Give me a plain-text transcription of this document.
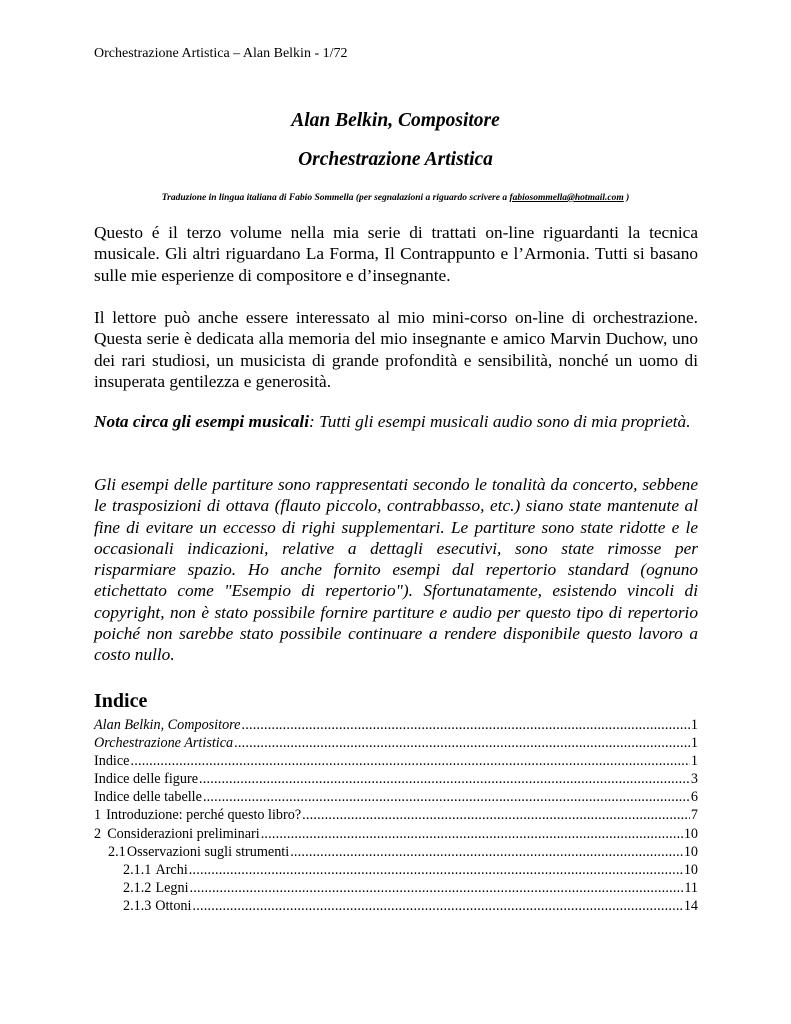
Orchestrazione Artistica – Alan Belkin - 1/72
Alan Belkin, Compositore
Orchestrazione Artistica
Traduzione in lingua italiana di Fabio Sommella (per segnalazioni a riguardo scrivere a fabiosommella@hotmail.com )

Questo é il terzo volume nella mia serie di trattati on-line riguardanti la tecnica musicale. Gli altri riguardano La Forma, Il Contrappunto e l’Armonia. Tutti si basano sulle mie esperienze di compositore e d’insegnante.

Il lettore può anche essere interessato al mio mini-corso on-line di orchestrazione. Questa serie è dedicata alla memoria del mio insegnante e amico Marvin Duchow, uno dei rari studiosi, un musicista di grande profondità e sensibilità, nonché un uomo di insuperata gentilezza e generosità.

Nota circa gli esempi musicali: Tutti gli esempi musicali audio sono di mia proprietà.

Gli esempi delle partiture sono rappresentati secondo le tonalità da concerto, sebbene le trasposizioni di ottava (flauto piccolo, contrabbasso, etc.) siano state mantenute al fine di evitare un eccesso di righi supplementari. Le partiture sono state ridotte e le occasionali indicazioni, relative a dettagli esecutivi, sono state rimosse per risparmiare spazio. Ho anche fornito esempi dal repertorio standard (ognuno etichettato come "Esempio di repertorio"). Sfortunatamente, esistendo vincoli di copyright, non è stato possibile fornire partiture e audio per questo tipo di repertorio poiché non sarebbe stato possibile continuare a rendere disponibile questo lavoro a costo nullo.

Indice
Alan Belkin, Compositore .....	1
Orchestrazione Artistica .....	1
Indice .....	1
Indice delle figure .....	3
Indice delle tabelle .....	6
1 Introduzione: perché questo libro? .....	7
2 Considerazioni preliminari .....	10
2.1 Osservazioni sugli strumenti .....	10
2.1.1 Archi .....	10
2.1.2 Legni .....	11
2.1.3 Ottoni .....	14
